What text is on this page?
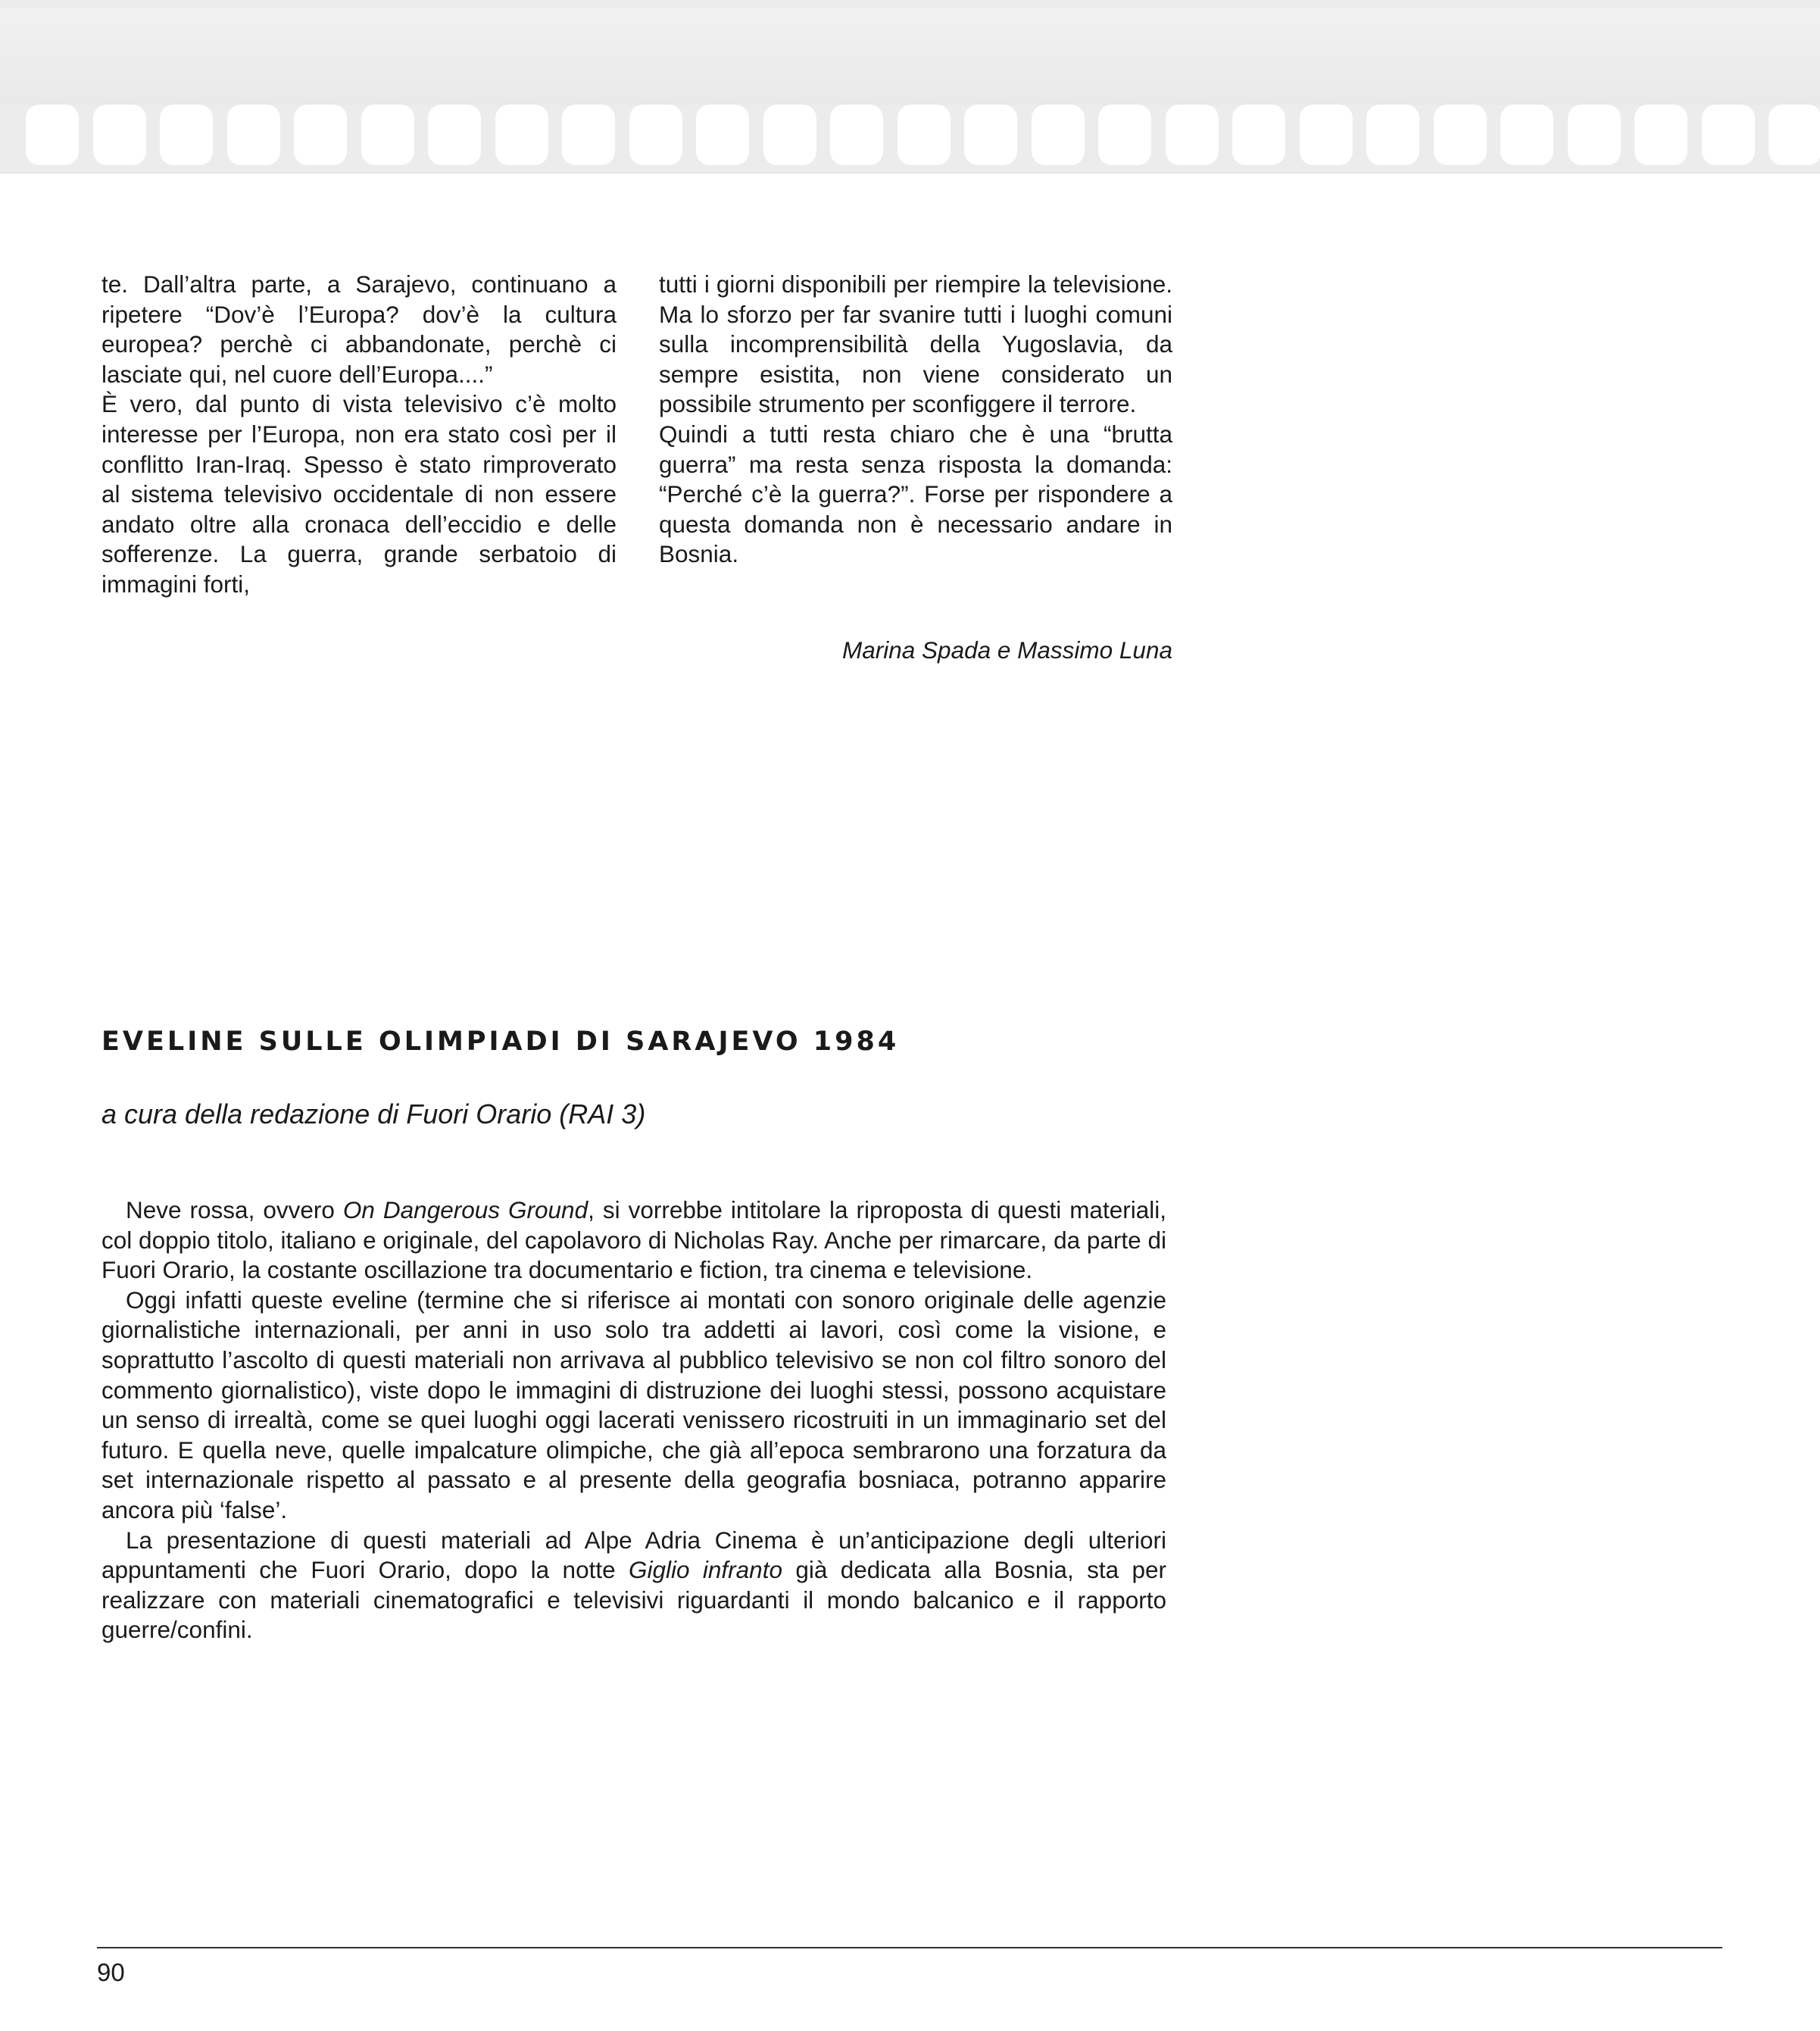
te. Dall’altra parte, a Sarajevo, continuano a ripetere “Dov’è l’Europa? dov’è la cultura europea? perchè ci abbandonate, perchè ci lasciate qui, nel cuore dell’Europa....”

È vero, dal punto di vista televisivo c’è molto interesse per l’Europa, non era stato così per il conflitto Iran-Iraq. Spesso è stato rimproverato al sistema televisivo occidentale di non essere andato oltre alla cronaca dell’eccidio e delle sofferenze. La guerra, grande serbatoio di immagini forti,

tutti i giorni disponibili per riempire la televisione. Ma lo sforzo per far svanire tutti i luoghi comuni sulla incomprensibilità della Yugoslavia, da sempre esistita, non viene considerato un possibile strumento per sconfiggere il terrore.

Quindi a tutti resta chiaro che è una “brutta guerra” ma resta senza risposta la domanda: “Perché c’è la guerra?”. Forse per rispondere a questa domanda non è necessario andare in Bosnia.

Marina Spada e Massimo Luna
EVELINE SULLE OLIMPIADI DI SARAJEVO 1984
a cura della redazione di Fuori Orario (RAI 3)

Neve rossa, ovvero On Dangerous Ground, si vorrebbe intitolare la riproposta di questi materiali, col doppio titolo, italiano e originale, del capolavoro di Nicholas Ray. Anche per rimarcare, da parte di Fuori Orario, la costante oscillazione tra documentario e fiction, tra cinema e televisione.

Oggi infatti queste eveline (termine che si riferisce ai montati con sonoro originale delle agenzie giornalistiche internazionali, per anni in uso solo tra addetti ai lavori, così come la visione, e soprattutto l’ascolto di questi materiali non arrivava al pubblico televisivo se non col filtro sonoro del commento giornalistico), viste dopo le immagini di distruzione dei luoghi stessi, possono acquistare un senso di irrealtà, come se quei luoghi oggi lacerati venissero ricostruiti in un immaginario set del futuro. E quella neve, quelle impalcature olimpiche, che già all’epoca sembrarono una forzatura da set internazionale rispetto al passato e al presente della geografia bosniaca, potranno apparire ancora più ‘false’.

La presentazione di questi materiali ad Alpe Adria Cinema è un’anticipazione degli ulteriori appuntamenti che Fuori Orario, dopo la notte Giglio infranto già dedicata alla Bosnia, sta per realizzare con materiali cinematografici e televisivi riguardanti il mondo balcanico e il rapporto guerre/confini.

90
